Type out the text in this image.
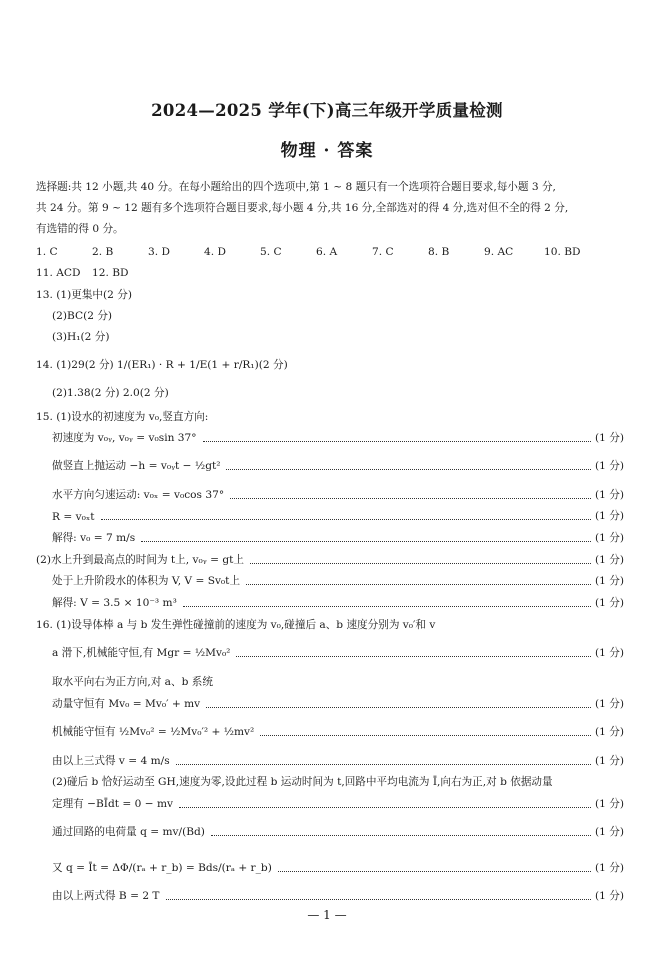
2024—2025 学年(下)高三年级开学质量检测
物理 · 答案
选择题:共 12 小题,共 40 分。在每小题给出的四个选项中,第 1 ~ 8 题只有一个选项符合题目要求,每小题 3 分,
共 24 分。第 9 ~ 12 题有多个选项符合题目要求,每小题 4 分,共 16 分,全部选对的得 4 分,选对但不全的得 2 分,
有选错的得 0 分。
1. C	2. B	3. D	4. D	5. C	6. A	7. C	8. B	9. AC	10. BD
11. ACD 12. BD
13. (1)更集中(2 分)
(2)BC(2 分)
(3)H₁(2 分)
14. (1)29(2 分) 1/(ER₁) · R + 1/E(1 + r/R₁)(2 分)
(2)1.38(2 分) 2.0(2 分)
15. (1)设水的初速度为 v₀,竖直方向:
初速度为 v₀ᵧ, v₀ᵧ = v₀sin 37°	(1 分)
做竖直上抛运动 −h = v₀ᵧt − ½gt²	(1 分)
水平方向匀速运动: v₀ₓ = v₀cos 37°	(1 分)
R = v₀ₓt	(1 分)
解得: v₀ = 7 m/s	(1 分)
(2)水上升到最高点的时间为 t上, v₀ᵧ = gt上	(1 分)
处于上升阶段水的体积为 V, V = Sv₀t上	(1 分)
解得: V = 3.5 × 10⁻³ m³	(1 分)
16. (1)设导体棒 a 与 b 发生弹性碰撞前的速度为 v₀,碰撞后 a、b 速度分别为 v₀′和 v
a 滑下,机械能守恒,有 Mgr = ½Mv₀²	(1 分)
取水平向右为正方向,对 a、b 系统
动量守恒有 Mv₀ = Mv₀′ + mv	(1 分)
机械能守恒有 ½Mv₀² = ½Mv₀′² + ½mv²	(1 分)
由以上三式得 v = 4 m/s	(1 分)
(2)碰后 b 恰好运动至 GH,速度为零,设此过程 b 运动时间为 t,回路中平均电流为 Ī,向右为正,对 b 依据动量
定理有 −BĪdt = 0 − mv	(1 分)
通过回路的电荷量 q = mv/(Bd)	(1 分)
又 q = Īt = ΔΦ/(rₐ + r_b) = Bds/(rₐ + r_b)	(1 分)
由以上两式得 B = 2 T	(1 分)
— 1 —
